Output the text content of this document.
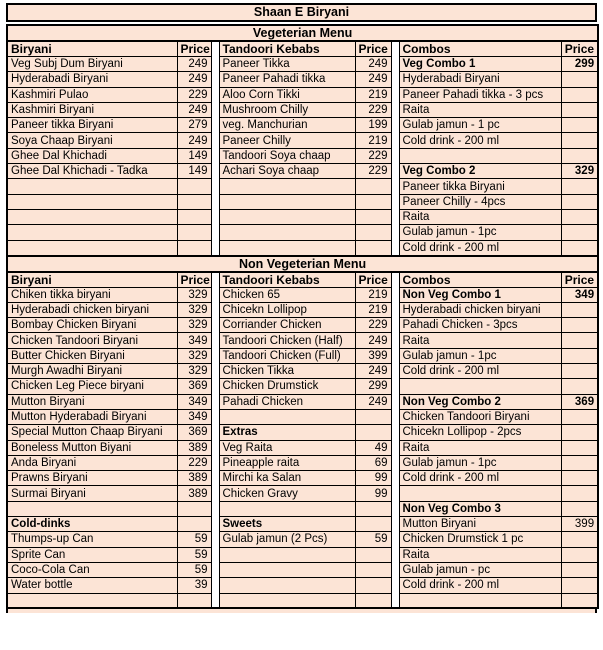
Shaan E Biryani
Vegeterian Menu							
Biryani	Price		Tandoori Kebabs	Price		Combos	Price
Veg Subj Dum Biryani	249		Paneer Tikka	249		Veg Combo 1	299
Hyderabadi Biryani	249		Paneer Pahadi tikka	249		Hyderabadi Biryani	
Kashmiri Pulao	229		Aloo Corn Tikki	219		Paneer Pahadi tikka - 3 pcs	
Kashmiri Biryani	249		Mushroom Chilly	229		Raita	
Paneer tikka Biryani	279		veg. Manchurian	199		Gulab jamun - 1 pc	
Soya Chaap Biryani	249		Paneer Chilly	219		Cold drink - 200 ml	
Ghee Dal Khichadi	149		Tandoori Soya chaap	229			
Ghee Dal Khichadi - Tadka	149		Achari Soya chaap	229		Veg Combo 2	329
						Paneer tikka Biryani	
						Paneer Chilly - 4pcs	
						Raita	
						Gulab jamun - 1pc	
						Cold drink - 200 ml	
Non Vegeterian Menu							
Biryani	Price		Tandoori Kebabs	Price		Combos	Price
Chiken tikka biryani	329		Chicken 65	219		Non Veg Combo 1	349
Hyderabadi chicken biryani	329		Chicekn Lollipop	219		Hyderabadi chicken biryani	
Bombay Chicken Biryani	329		Corriander Chicken	229		Pahadi Chicken - 3pcs	
Chicken Tandoori Biryani	349		Tandoori Chicken (Half)	249		Raita	
Butter Chicken Biryani	329		Tandoori Chicken (Full)	399		Gulab jamun - 1pc	
Murgh Awadhi Biryani	329		Chicken Tikka	249		Cold drink - 200 ml	
Chicken Leg Piece biryani	369		Chicken Drumstick	299			
Mutton Biryani	349		Pahadi Chicken	249		Non Veg Combo 2	369
Mutton Hyderabadi Biryani	349					Chicken Tandoori Biryani	
Special Mutton Chaap Biryani	369		Extras			Chicekn Lollipop - 2pcs	
Boneless Mutton Biyani	389		Veg Raita	49		Raita	
Anda Biryani	229		Pineapple raita	69		Gulab jamun - 1pc	
Prawns Biryani	389		Mirchi ka Salan	99		Cold drink - 200 ml	
Surmai Biryani	389		Chicken Gravy	99			
						Non Veg Combo 3	
Cold-dinks			Sweets			Mutton Biryani	399
Thumps-up Can	59		Gulab jamun (2 Pcs)	59		Chicken Drumstick 1 pc	
Sprite Can	59					Raita	
Coco-Cola Can	59					Gulab jamun - pc	
Water bottle	39					Cold drink - 200 ml	
